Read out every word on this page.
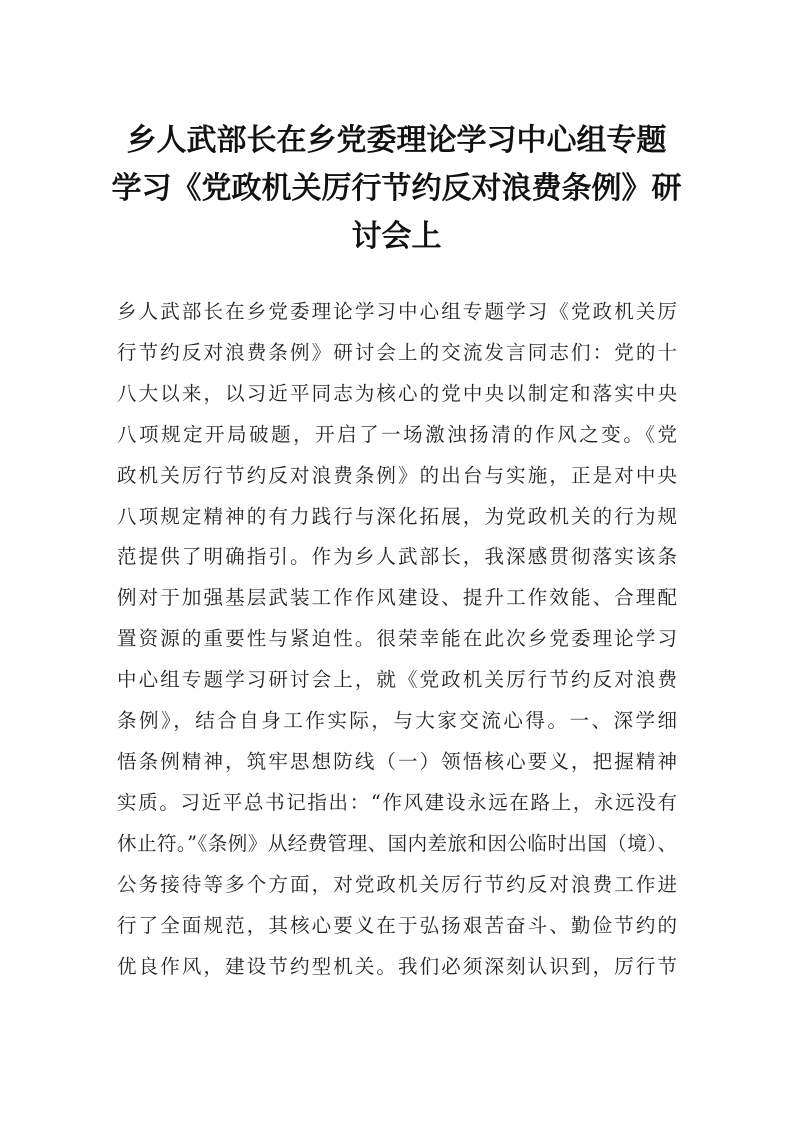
乡人武部长在乡党委理论学习中心组专题
学习《党政机关厉行节约反对浪费条例》研
讨会上
乡人武部长在乡党委理论学习中心组专题学习《党政机关厉
行节约反对浪费条例》研讨会上的交流发言同志们：党的十
八大以来，以习近平同志为核心的党中央以制定和落实中央
八项规定开局破题，开启了一场激浊扬清的作风之变。《党
政机关厉行节约反对浪费条例》的出台与实施，正是对中央
八项规定精神的有力践行与深化拓展，为党政机关的行为规
范提供了明确指引。作为乡人武部长，我深感贯彻落实该条
例对于加强基层武装工作作风建设、提升工作效能、合理配
置资源的重要性与紧迫性。很荣幸能在此次乡党委理论学习
中心组专题学习研讨会上，就《党政机关厉行节约反对浪费
条例》，结合自身工作实际，与大家交流心得。一、深学细
悟条例精神，筑牢思想防线（一）领悟核心要义，把握精神
实质。习近平总书记指出：“作风建设永远在路上，永远没有
休止符。”《条例》从经费管理、国内差旅和因公临时出国（境）、
公务接待等多个方面，对党政机关厉行节约反对浪费工作进
行了全面规范，其核心要义在于弘扬艰苦奋斗、勤俭节约的
优良作风，建设节约型机关。我们必须深刻认识到，厉行节
